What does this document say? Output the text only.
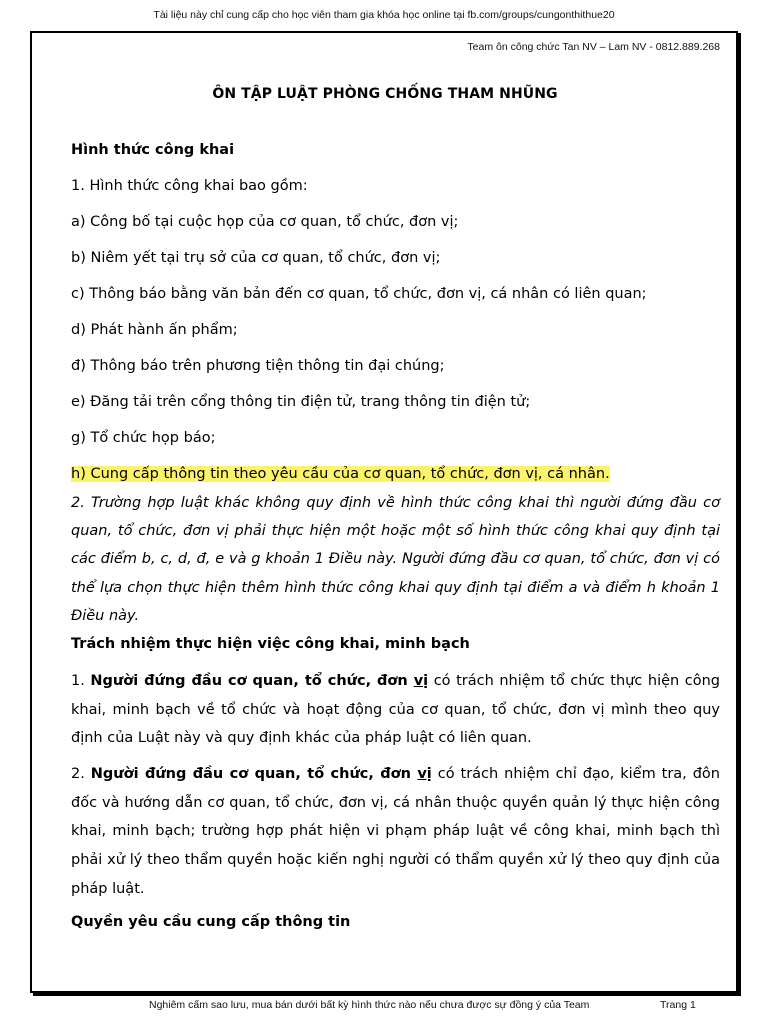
Tài liệu này chỉ cung cấp cho học viên tham gia khóa học online tại fb.com/groups/cungonthithue20
Team ôn công chức Tan NV – Lam NV - 0812.889.268
ÔN TẬP LUẬT PHÒNG CHỐNG THAM NHŨNG
Hình thức công khai
1. Hình thức công khai bao gồm:
a) Công bố tại cuộc họp của cơ quan, tổ chức, đơn vị;
b) Niêm yết tại trụ sở của cơ quan, tổ chức, đơn vị;
c) Thông báo bằng văn bản đến cơ quan, tổ chức, đơn vị, cá nhân có liên quan;
d) Phát hành ấn phẩm;
đ) Thông báo trên phương tiện thông tin đại chúng;
e) Đăng tải trên cổng thông tin điện tử, trang thông tin điện tử;
g) Tổ chức họp báo;
h) Cung cấp thông tin theo yêu cầu của cơ quan, tổ chức, đơn vị, cá nhân.
2. Trường hợp luật khác không quy định về hình thức công khai thì người đứng đầu cơ quan, tổ chức, đơn vị phải thực hiện một hoặc một số hình thức công khai quy định tại các điểm b, c, d, đ, e và g khoản 1 Điều này. Người đứng đầu cơ quan, tổ chức, đơn vị có thể lựa chọn thực hiện thêm hình thức công khai quy định tại điểm a và điểm h khoản 1 Điều này.
Trách nhiệm thực hiện việc công khai, minh bạch
1. Người đứng đầu cơ quan, tổ chức, đơn vị có trách nhiệm tổ chức thực hiện công khai, minh bạch về tổ chức và hoạt động của cơ quan, tổ chức, đơn vị mình theo quy định của Luật này và quy định khác của pháp luật có liên quan.
2. Người đứng đầu cơ quan, tổ chức, đơn vị có trách nhiệm chỉ đạo, kiểm tra, đôn đốc và hướng dẫn cơ quan, tổ chức, đơn vị, cá nhân thuộc quyền quản lý thực hiện công khai, minh bạch; trường hợp phát hiện vi phạm pháp luật về công khai, minh bạch thì phải xử lý theo thẩm quyền hoặc kiến nghị người có thẩm quyền xử lý theo quy định của pháp luật.
Quyền yêu cầu cung cấp thông tin
Nghiêm cấm sao lưu, mua bán dưới bất kỳ hình thức nào nếu chưa được sự đồng ý của Team	Trang 1
